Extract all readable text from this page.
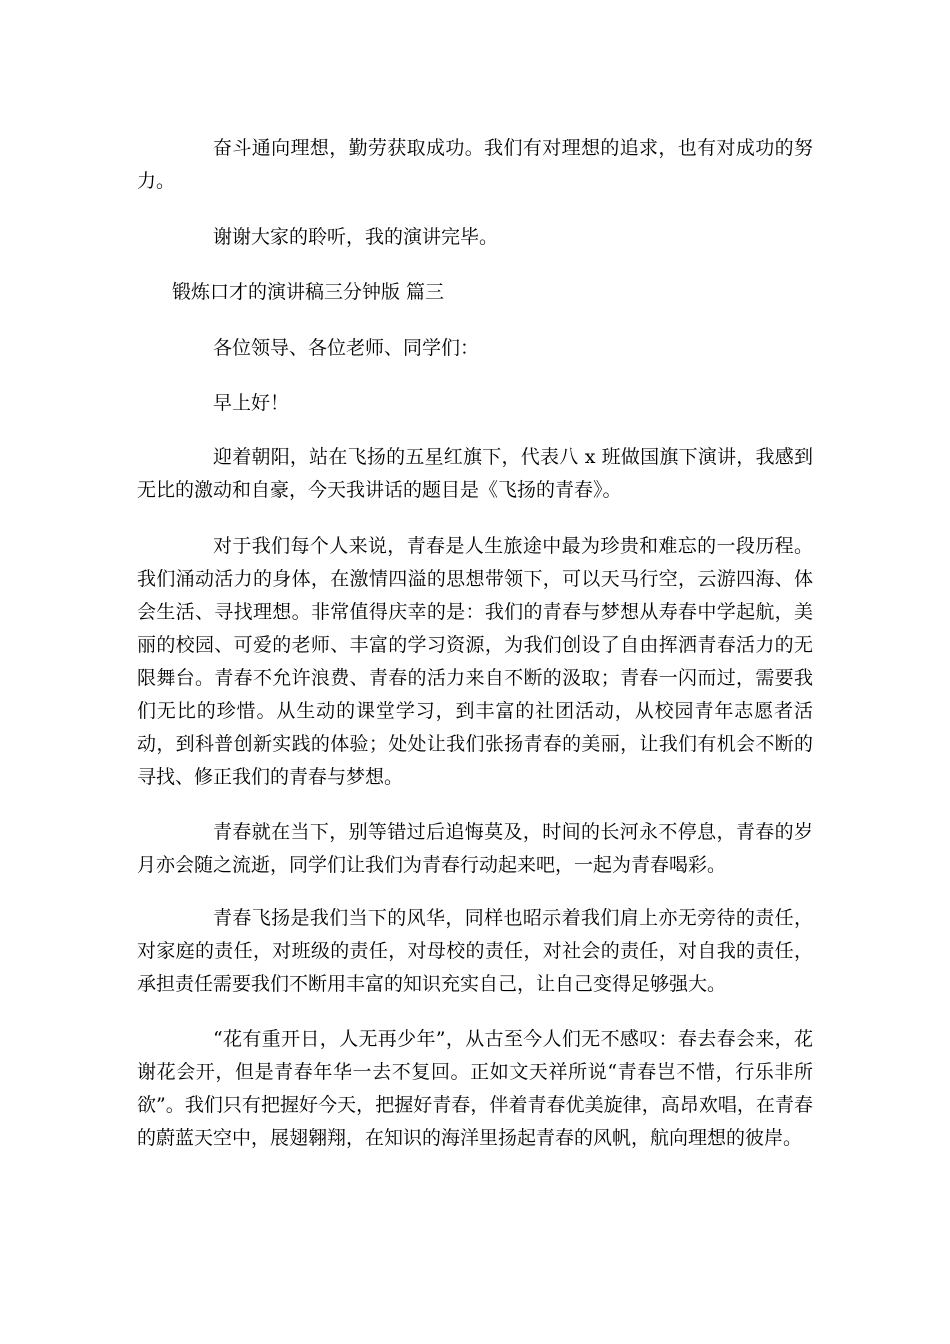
奋斗通向理想，勤劳获取成功。我们有对理想的追求，也有对成功的努力。

谢谢大家的聆听，我的演讲完毕。

锻炼口才的演讲稿三分钟版 篇三

各位领导、各位老师、同学们：

早上好！

迎着朝阳，站在飞扬的五星红旗下，代表八 x 班做国旗下演讲，我感到无比的激动和自豪，今天我讲话的题目是《飞扬的青春》。

对于我们每个人来说，青春是人生旅途中最为珍贵和难忘的一段历程。我们涌动活力的身体，在激情四溢的思想带领下，可以天马行空，云游四海、体会生活、寻找理想。非常值得庆幸的是：我们的青春与梦想从寿春中学起航，美丽的校园、可爱的老师、丰富的学习资源，为我们创设了自由挥洒青春活力的无限舞台。青春不允许浪费、青春的活力来自不断的汲取；青春一闪而过，需要我们无比的珍惜。从生动的课堂学习，到丰富的社团活动，从校园青年志愿者活动，到科普创新实践的体验；处处让我们张扬青春的美丽，让我们有机会不断的寻找、修正我们的青春与梦想。

青春就在当下，别等错过后追悔莫及，时间的长河永不停息，青春的岁月亦会随之流逝，同学们让我们为青春行动起来吧，一起为青春喝彩。

青春飞扬是我们当下的风华，同样也昭示着我们肩上亦无旁待的责任，对家庭的责任，对班级的责任，对母校的责任，对社会的责任，对自我的责任，承担责任需要我们不断用丰富的知识充实自己，让自己变得足够强大。

“花有重开日，人无再少年”，从古至今人们无不感叹：春去春会来，花谢花会开，但是青春年华一去不复回。正如文天祥所说“青春岂不惜，行乐非所欲”。我们只有把握好今天，把握好青春，伴着青春优美旋律，高昂欢唱，在青春的蔚蓝天空中，展翅翱翔，在知识的海洋里扬起青春的风帆，航向理想的彼岸。
